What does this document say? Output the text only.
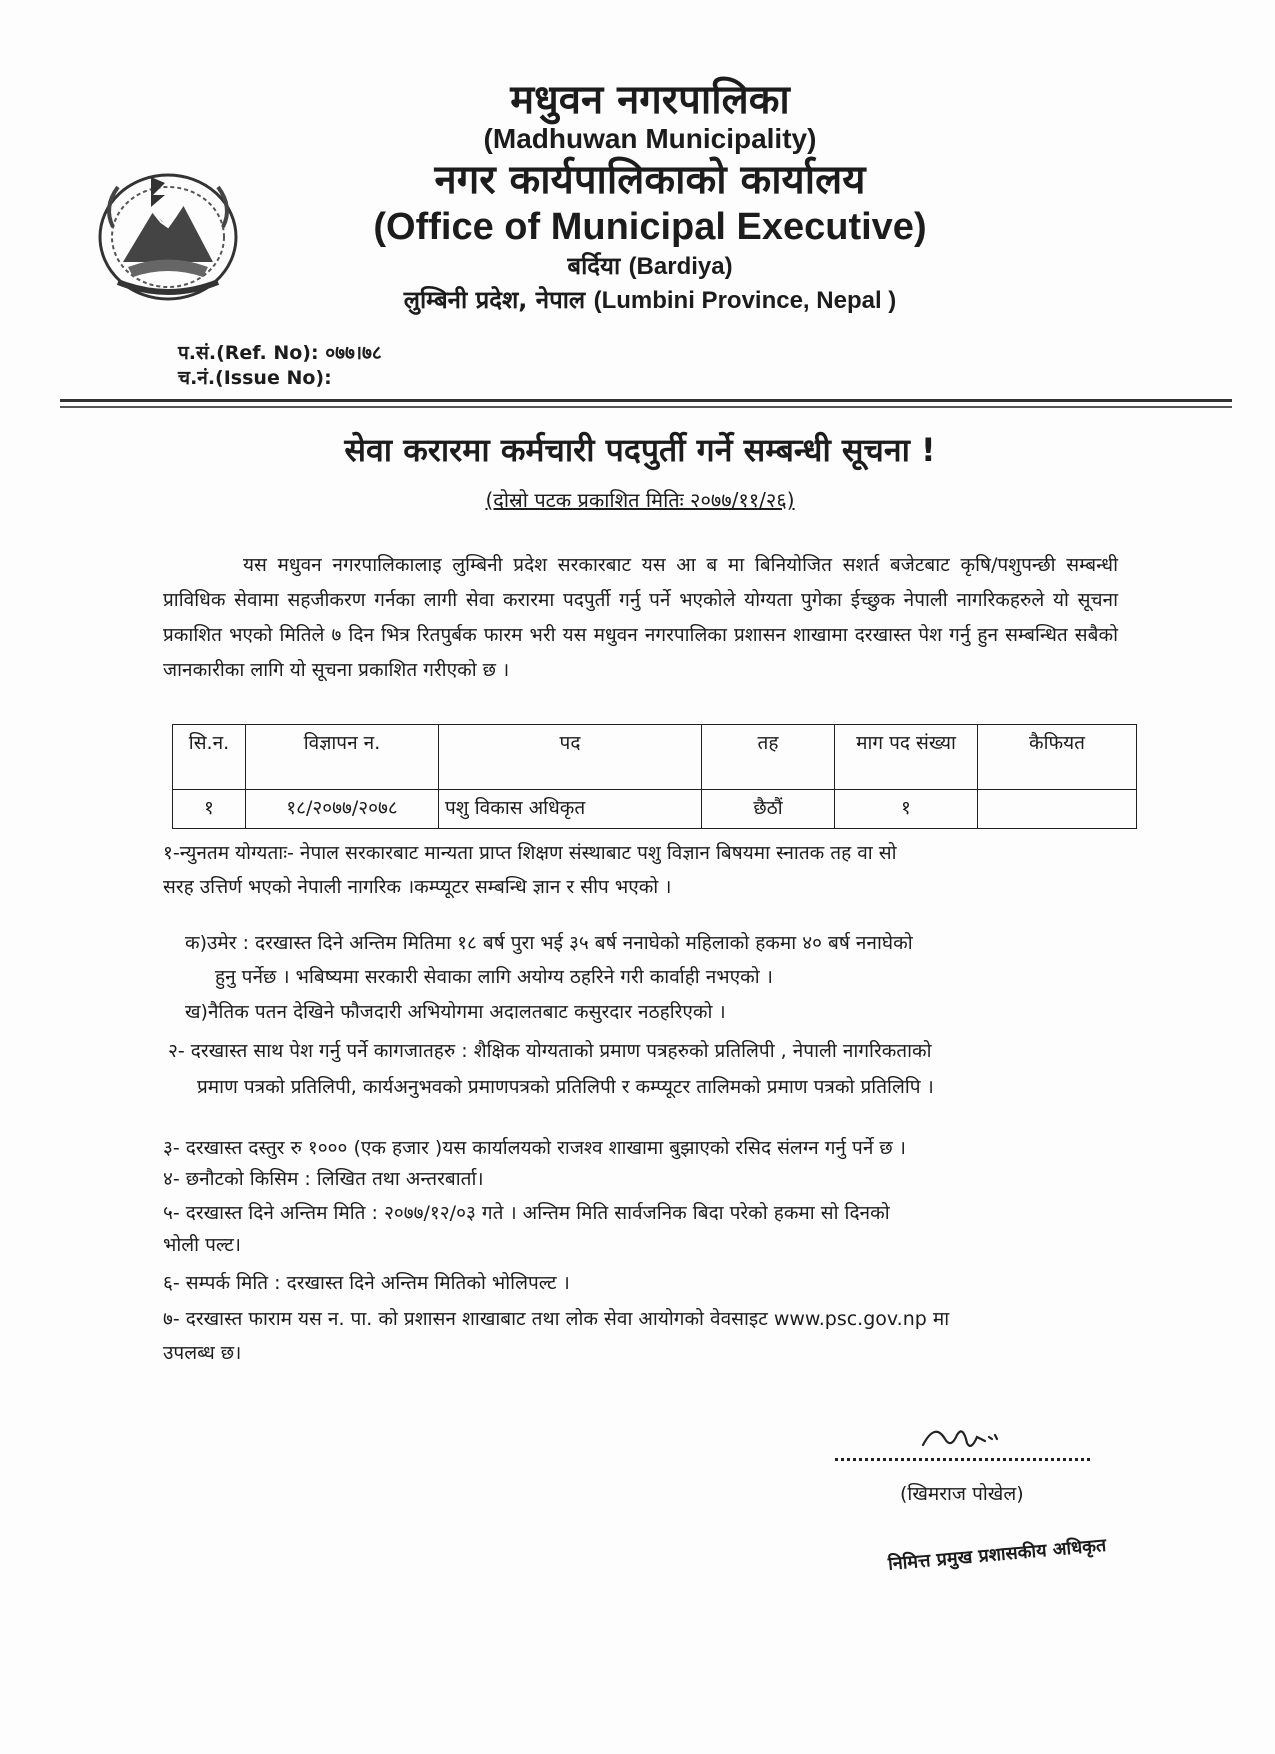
मधुवन नगरपालिका
(Madhuwan Municipality)
नगर कार्यपालिकाको कार्यालय
(Office of Municipal Executive)
बर्दिया (Bardiya)
लुम्बिनी प्रदेश, नेपाल (Lumbini Province, Nepal )
प.सं.(Ref. No): ०७७।७८
च.नं.(Issue No):
सेवा करारमा कर्मचारी पदपुर्ती गर्ने सम्बन्धी सूचना !
(दोस्रो पटक प्रकाशित मितिः २०७७/११/२६)
यस मधुवन नगरपालिकालाइ लुम्बिनी प्रदेश सरकारबाट यस आ ब मा बिनियोजित सशर्त बजेटबाट कृषि/पशुपन्छी सम्बन्धी प्राविधिक सेवामा सहजीकरण गर्नका लागी सेवा करारमा पदपुर्ती गर्नु पर्ने भएकोले योग्यता पुगेका ईच्छुक नेपाली नागरिकहरुले यो सूचना प्रकाशित भएको मितिले ७ दिन भित्र रितपुर्बक फारम भरी यस मधुवन नगरपालिका प्रशासन शाखामा दरखास्त पेश गर्नु हुन सम्बन्धित सबैको जानकारीका लागि यो सूचना प्रकाशित गरीएको छ ।
सि.न.	विज्ञापन न.	पद	तह	माग पद संख्या	कैफियत
१	१८/२०७७/२०७८	पशु विकास अधिकृत	छैठौं	१	
१-न्युनतम योग्यताः- नेपाल सरकारबाट मान्यता प्राप्त शिक्षण संस्थाबाट पशु विज्ञान बिषयमा स्नातक तह वा सो
सरह उत्तिर्ण भएको नेपाली नागरिक ।कम्प्यूटर सम्बन्धि ज्ञान र सीप भएको ।
क)उमेर : दरखास्त दिने अन्तिम मितिमा १८ बर्ष पुरा भई ३५ बर्ष ननाघेको महिलाको हकमा ४० बर्ष ननाघेको
हुनु पर्नेछ । भबिष्यमा सरकारी सेवाका लागि अयोग्य ठहरिने गरी कार्वाही नभएको ।
ख)नैतिक पतन देखिने फौजदारी अभियोगमा अदालतबाट कसुरदार नठहरिएको ।
२- दरखास्त साथ पेश गर्नु पर्ने कागजातहरु : शैक्षिक योग्यताको प्रमाण पत्रहरुको प्रतिलिपी , नेपाली नागरिकताको
प्रमाण पत्रको प्रतिलिपी, कार्यअनुभवको प्रमाणपत्रको प्रतिलिपी र कम्प्यूटर तालिमको प्रमाण पत्रको प्रतिलिपि ।
३- दरखास्त दस्तुर रु १००० (एक हजार )यस कार्यालयको राजश्व शाखामा बुझाएको रसिद संलग्न गर्नु पर्ने छ ।
४- छनौटको किसिम : लिखित तथा अन्तरबार्ता।
५- दरखास्त दिने अन्तिम मिति : २०७७/१२/०३ गते । अन्तिम मिति सार्वजनिक बिदा परेको हकमा सो दिनको
भोली पल्ट।
६- सम्पर्क मिति : दरखास्त दिने अन्तिम मितिको भोलिपल्ट ।
७- दरखास्त फाराम यस न. पा. को प्रशासन शाखाबाट तथा लोक सेवा आयोगको वेवसाइट www.psc.gov.np मा
उपलब्ध छ।
(खिमराज पोखेल)
निमित्त प्रमुख प्रशासकीय अधिकृत
